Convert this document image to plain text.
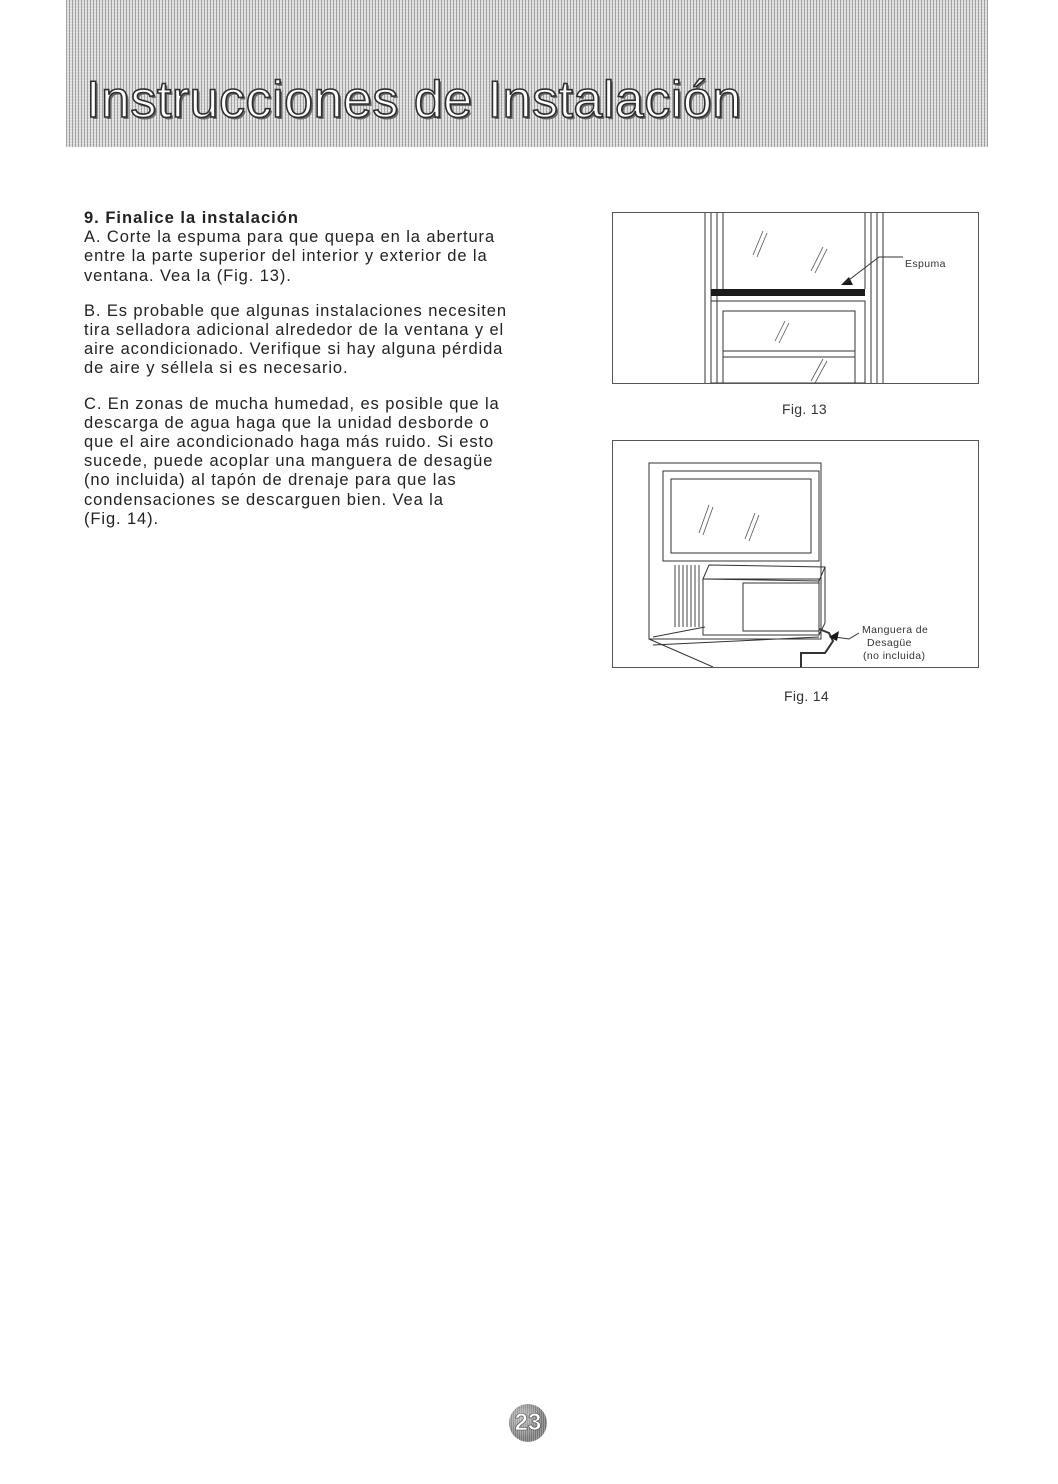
Instrucciones de Instalación
9. Finalice la instalación

A. Corte la espuma para que quepa en la abertura
entre la parte superior del interior y exterior de la
ventana. Vea la (Fig. 13).

B. Es probable que algunas instalaciones necesiten
tira selladora adicional alrededor de la ventana y el
aire acondicionado. Verifique si hay alguna pérdida
de aire y séllela si es necesario.

C. En zonas de mucha humedad, es posible que la
descarga de agua haga que la unidad desborde o
que el aire acondicionado haga más ruido. Si esto
sucede, puede acoplar una manguera de desagüe
(no incluida) al tapón de drenaje para que las
condensaciones se descarguen bien. Vea la
(Fig. 14).

Espuma
Fig. 13
Manguera de
Desagüe
(no incluida)
Fig. 14
23
